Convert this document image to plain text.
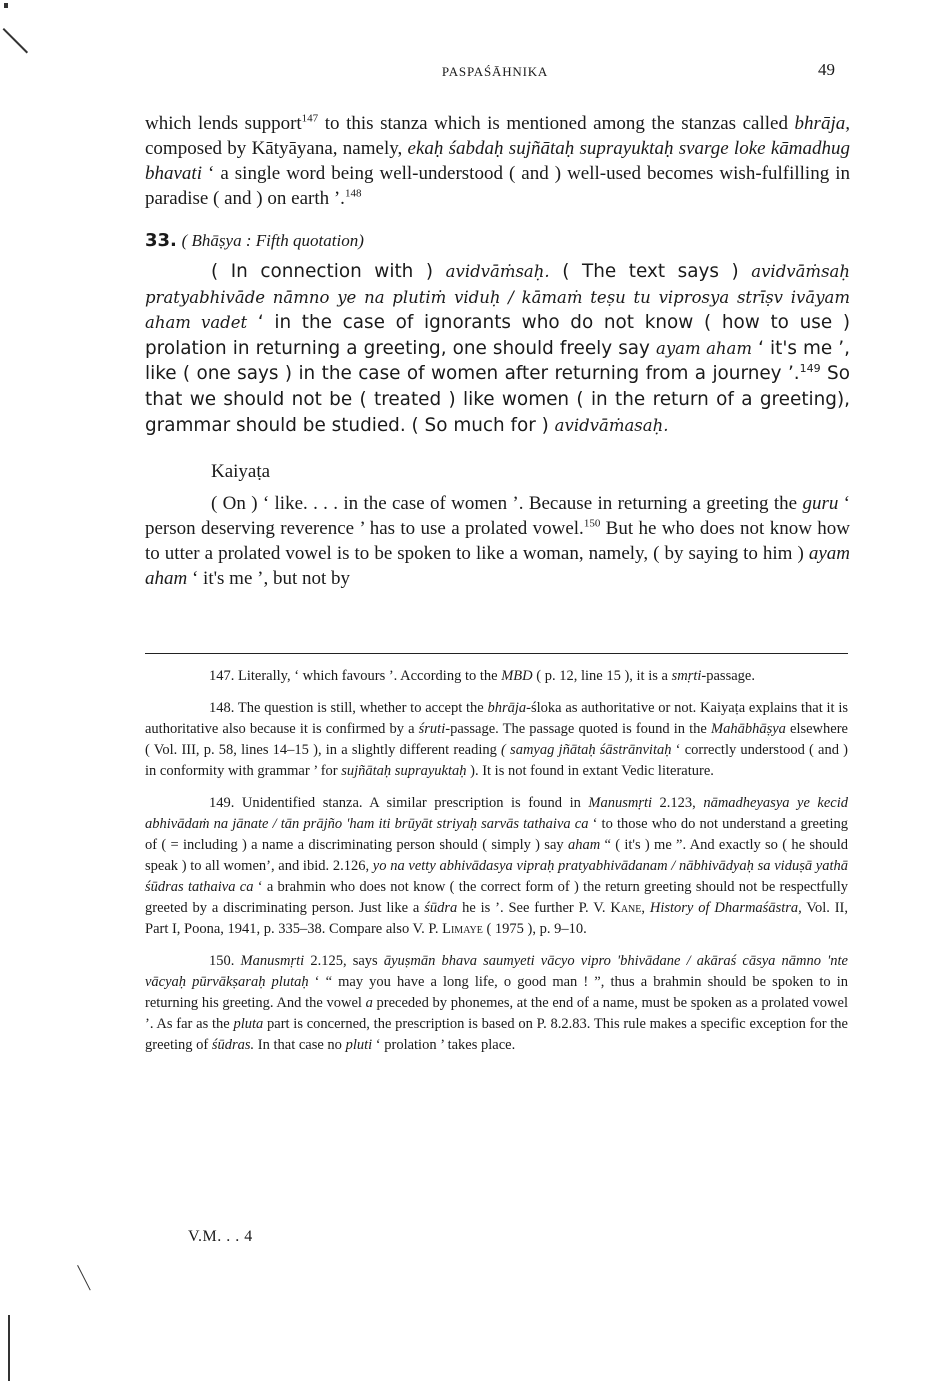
PASPAŚĀHNIKA	49

which lends support$^{147}$ to this stanza which is mentioned among the stanzas called bhrāja, composed by Kātyāyana, namely, ekaḥ śabdaḥ sujñātaḥ suprayuktaḥ svarge loke kāmadhug bhavati ‘ a single word being well-understood ( and ) well-used becomes wish-fulfilling in paradise ( and ) on earth ’.$^{148}$

33. ( Bhāṣya : Fifth quotation)

( In connection with ) avidvāṁsaḥ. ( The text says ) avidvāṁsaḥ pratyabhivāde nāmno ye na plutiṁ viduḥ / kāmaṁ teṣu tu viprosya strīṣv ivāyam aham vadet ‘ in the case of ignorants who do not know ( how to use ) prolation in returning a greeting, one should freely say ayam aham ‘ it's me ’, like ( one says ) in the case of women after returning from a journey ’.$^{149}$ So that we should not be ( treated ) like women ( in the return of a greeting), grammar should be studied. ( So much for ) avidvāṁasaḥ.

Kaiyaṭa

( On ) ‘ like. . . . in the case of women ’. Because in returning a greeting the guru ‘ person deserving reverence ’ has to use a prolated vowel.$^{150}$ But he who does not know how to utter a prolated vowel is to be spoken to like a woman, namely, ( by saying to him ) ayam aham ‘ it's me ’, but not by

147. Literally, ‘ which favours ’. According to the MBD ( p. 12, line 15 ), it is a smṛti-passage.

148. The question is still, whether to accept the bhrāja-śloka as authoritative or not. Kaiyaṭa explains that it is authoritative also because it is confirmed by a śruti-passage. The passage quoted is found in the Mahābhāṣya elsewhere ( Vol. III, p. 58, lines 14–15 ), in a slightly different reading ( samyag jñātaḥ śāstrānvitaḥ ‘ correctly understood ( and ) in conformity with grammar ’ for sujñātaḥ suprayuktaḥ ). It is not found in extant Vedic literature.

149. Unidentified stanza. A similar prescription is found in Manusmṛti 2.123, nāmadheyasya ye kecid abhivādaṁ na jānate / tān prājño 'ham iti brūyāt striyaḥ sarvās tathaiva ca ‘ to those who do not understand a greeting of ( = including ) a name a discriminating person should ( simply ) say aham “ ( it's ) me ”. And exactly so ( he should speak ) to all women’, and ibid. 2.126, yo na vetty abhivādasya vipraḥ pratyabhivādanam / nābhivādyaḥ sa viduṣā yathā śūdras tathaiva ca ‘ a brahmin who does not know ( the correct form of ) the return greeting should not be respectfully greeted by a discriminating person. Just like a śūdra he is ’. See further P. V. Kane, History of Dharmaśāstra, Vol. II, Part I, Poona, 1941, p. 335–38. Compare also V. P. Limaye ( 1975 ), p. 9–10.

150. Manusmṛti 2.125, says āyuṣmān bhava saumyeti vācyo vipro 'bhivādane / akāraś cāsya nāmno 'nte vācyaḥ pūrvākṣaraḥ plutaḥ ‘ “ may you have a long life, o good man ! ”, thus a brahmin should be spoken to in returning his greeting. And the vowel a preceded by phonemes, at the end of a name, must be spoken as a prolated vowel ’. As far as the pluta part is concerned, the prescription is based on P. 8.2.83. This rule makes a specific exception for the greeting of śūdras. In that case no pluti ‘ prolation ’ takes place.

V.M. . . 4
